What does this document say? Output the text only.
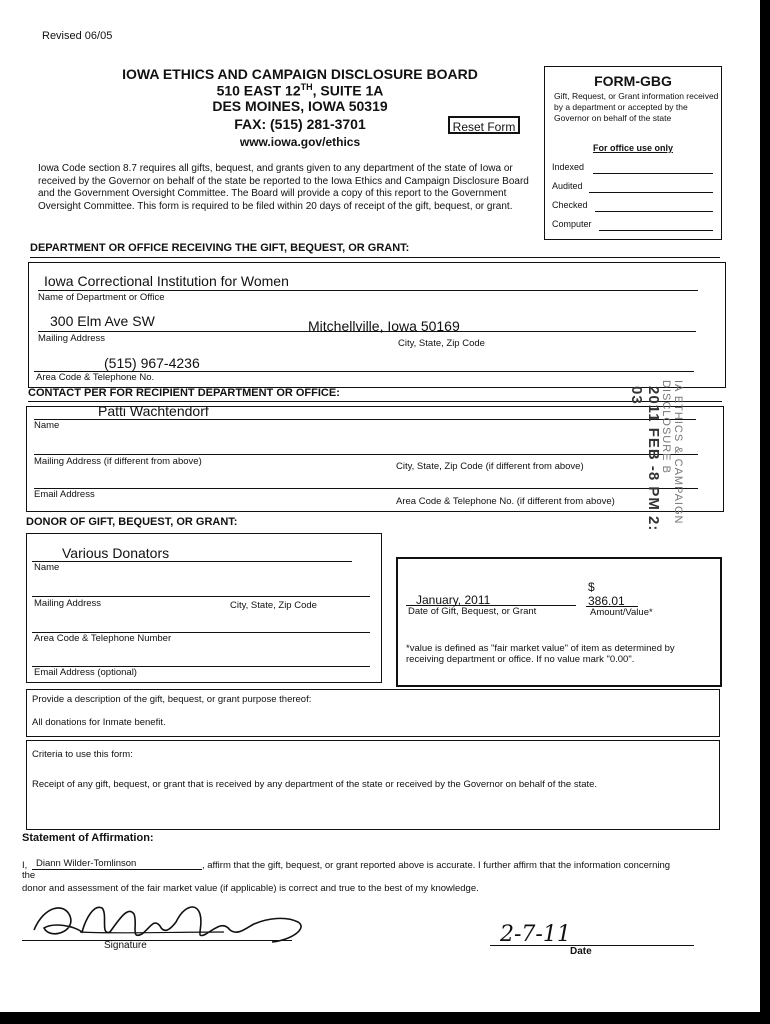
Revised 06/05
IOWA ETHICS AND CAMPAIGN DISCLOSURE BOARD
510 EAST 12TH, SUITE 1A
DES MOINES, IOWA 50319
FAX: (515) 281-3701
www.iowa.gov/ethics
Reset Form
FORM-GBG
Gift, Request, or Grant information received by a department or accepted by the Governor on behalf of the state
For office use only
Indexed
Audited
Checked
Computer
Iowa Code section 8.7 requires all gifts, bequest, and grants given to any department of the state of Iowa or received by the Governor on behalf of the state be reported to the Iowa Ethics and Campaign Disclosure Board and the Government Oversight Committee. The Board will provide a copy of this report to the Government Oversight Committee. This form is required to be filed within 20 days of receipt of the gift, bequest, or grant.
DEPARTMENT OR OFFICE RECEIVING THE GIFT, BEQUEST, OR GRANT:
Iowa Correctional Institution for Women
Name of Department or Office
300 Elm Ave SW	Mitchellville, Iowa 50169
Mailing Address	City, State, Zip Code
(515) 967-4236
Area Code & Telephone No.
CONTACT PER FOR RECIPIENT DEPARTMENT OR OFFICE:
Patti Wachtendorf
Name
Mailing Address (if different from above)	City, State, Zip Code (if different from above)
Email Address
Area Code & Telephone No. (if different from above)
DONOR OF GIFT, BEQUEST, OR GRANT:
Various Donators
Name
Mailing Address	City, State, Zip Code
Area Code & Telephone Number
Email Address (optional)
$
January, 2011
Date of Gift, Bequest, or Grant
386.01
Amount/Value*
*value is defined as "fair market value" of item as determined by receiving department or office. If no value mark "0.00".
Provide a description of the gift, bequest, or grant purpose thereof:
All donations for Inmate benefit.
Criteria to use this form:
Receipt of any gift, bequest, or grant that is received by any department of the state or received by the Governor on behalf of the state.
Statement of Affirmation:
I, Diann Wilder-Tomlinson	, affirm that the gift, bequest, or grant reported above is accurate. I further affirm that the information concerning
the
donor and assessment of the fair market value (if applicable) is correct and true to the best of my knowledge.
Signature	2-7-11
Date
2011 FEB -8 PM 2: 03	IA ETHICS & CAMPAIGN DISCLOSURE B
